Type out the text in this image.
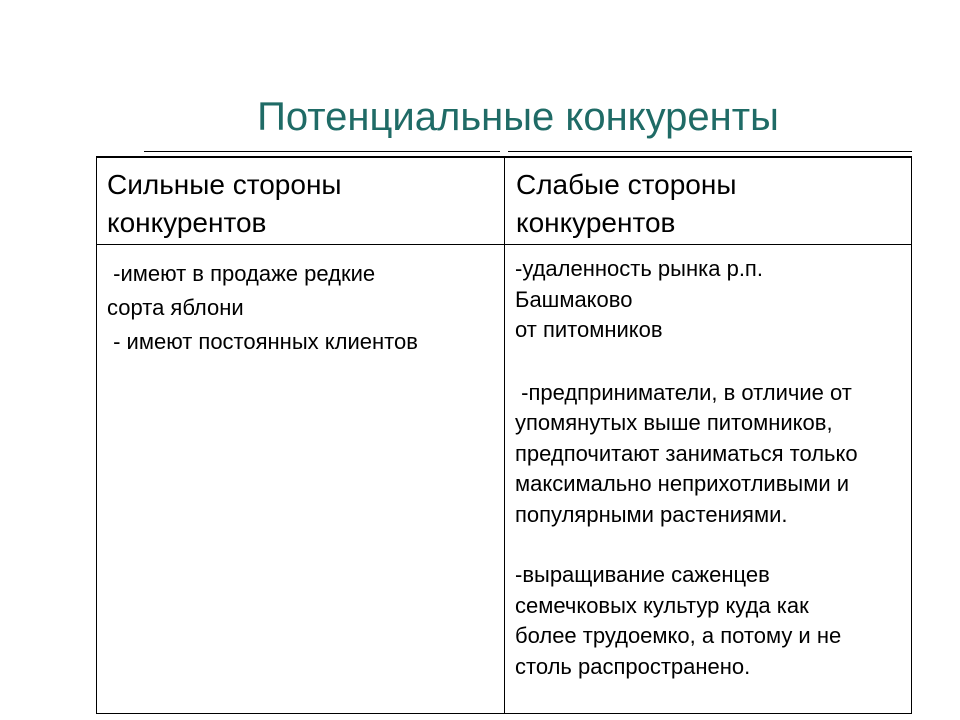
Потенциальные конкуренты
Сильные стороны
конкурентов
Слабые стороны
конкурентов
-имеют в продаже редкие
сорта яблони
- имеют постоянных клиентов
-удаленность рынка р.п.
Башмаково
от питомников
-предприниматели, в отличие от
упомянутых выше питомников,
предпочитают заниматься только
максимально неприхотливыми и
популярными растениями.
-выращивание саженцев
семечковых культур куда как
более трудоемко, а потому и не
столь распространено.
